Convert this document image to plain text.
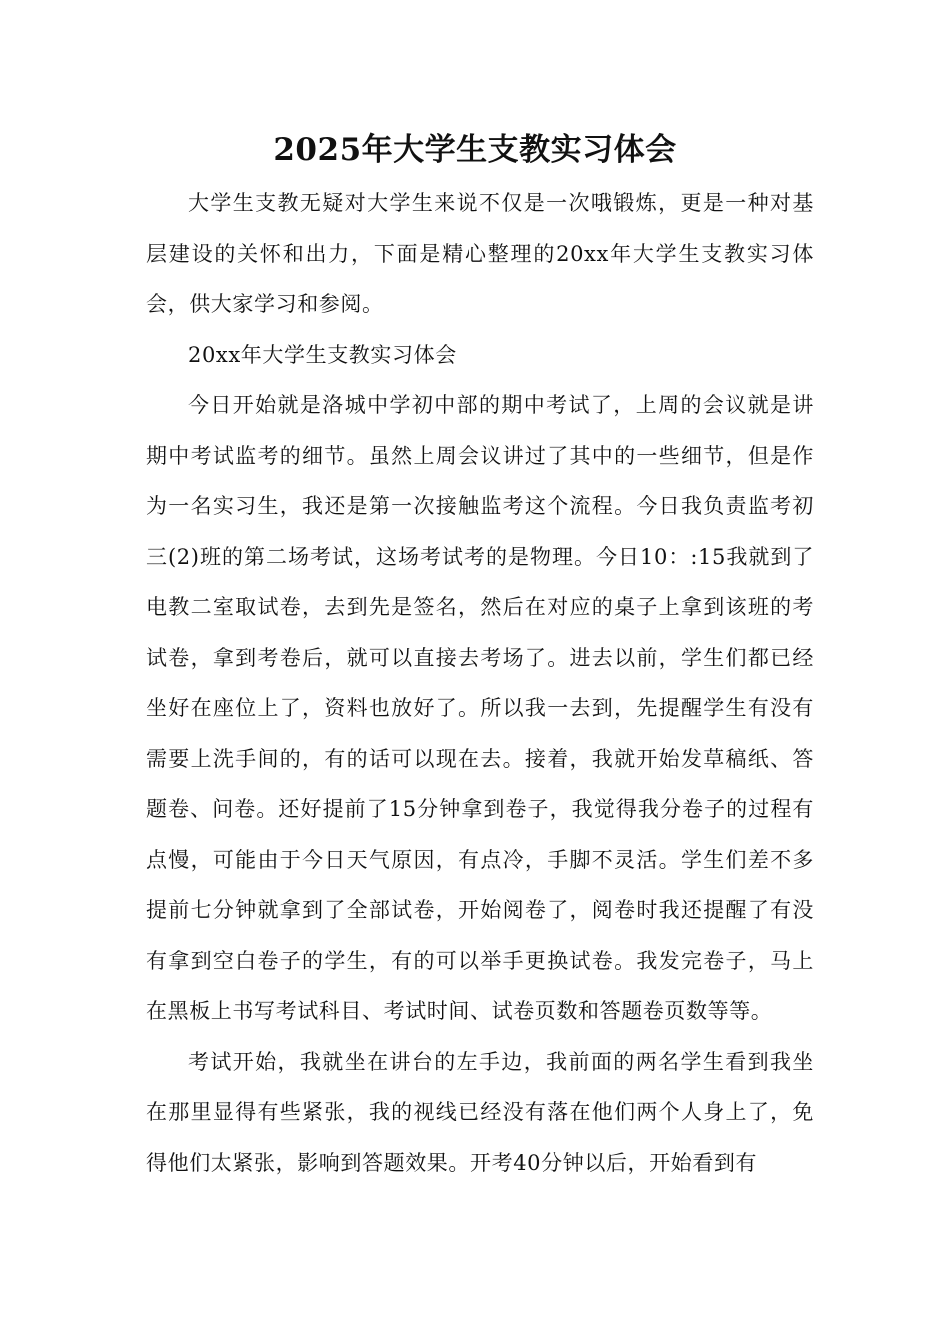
2025年大学生支教实习体会

大学生支教无疑对大学生来说不仅是一次哦锻炼，更是一种对基层建设的关怀和出力，下面是精心整理的20xx年大学生支教实习体会，供大家学习和参阅。

20xx年大学生支教实习体会

今日开始就是洛城中学初中部的期中考试了，上周的会议就是讲期中考试监考的细节。虽然上周会议讲过了其中的一些细节，但是作为一名实习生，我还是第一次接触监考这个流程。今日我负责监考初三(2)班的第二场考试，这场考试考的是物理。今日10：:15我就到了电教二室取试卷，去到先是签名，然后在对应的桌子上拿到该班的考试卷，拿到考卷后，就可以直接去考场了。进去以前，学生们都已经坐好在座位上了，资料也放好了。所以我一去到，先提醒学生有没有需要上洗手间的，有的话可以现在去。接着，我就开始发草稿纸、答题卷、问卷。还好提前了15分钟拿到卷子，我觉得我分卷子的过程有点慢，可能由于今日天气原因，有点冷，手脚不灵活。学生们差不多提前七分钟就拿到了全部试卷，开始阅卷了，阅卷时我还提醒了有没有拿到空白卷子的学生，有的可以举手更换试卷。我发完卷子，马上在黑板上书写考试科目、考试时间、试卷页数和答题卷页数等等。

考试开始，我就坐在讲台的左手边，我前面的两名学生看到我坐在那里显得有些紧张，我的视线已经没有落在他们两个人身上了，免得他们太紧张，影响到答题效果。开考40分钟以后，开始看到有
